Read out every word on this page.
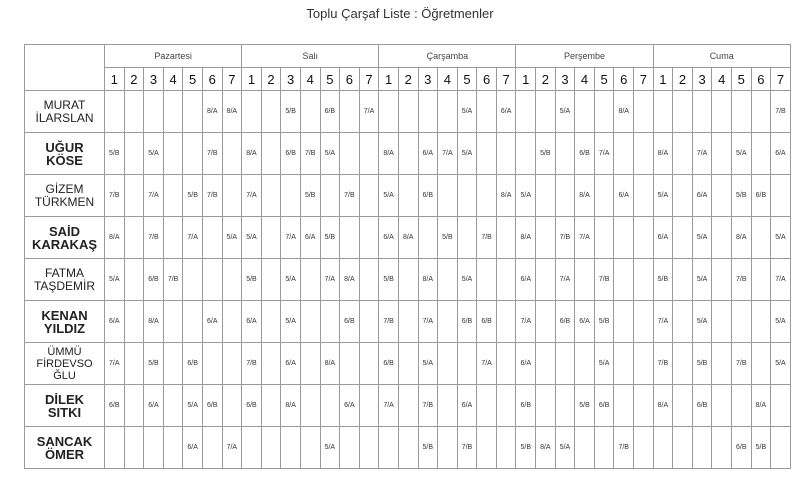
Toplu Çarşaf Liste : Öğretmenler
	Pazartesi							Salı							Çarşamba							Perşembe							Cuma						
	1	2	3	4	5	6	7	1	2	3	4	5	6	7	1	2	3	4	5	6	7	1	2	3	4	5	6	7	1	2	3	4	5	6	7

MURAT
İLARSLAN						8/A	8/A			5/B		6/B		7/A					5/A		6/A			5/A			8/A								7/B

UĞUR
KÖSE	5/B		5/A			7/B		8/A		6/B	7/B	5/A			8/A		6/A	7/A	5/A				5/B		6/B	7/A			8/A		7/A		5/A		6/A

GİZEM
TÜRKMEN	7/B		7/A		5/B	7/B		7/A			5/B		7/B		5/A		6/B				8/A	5/A			8/A		6/A		5/A		6/A		5/B	6/B	

SAİD
KARAKAŞ	8/A		7/B		7/A		5/A	5/A		7/A	6/A	5/B			6/A	8/A		5/B		7/B		8/A		7/B	7/A				6/A		5/A		8/A		5/A

FATMA
TAŞDEMİR	5/A		6/B	7/B				5/B		5/A		7/A	8/A		5/B		8/A		5/A			6/A		7/A		7/B			5/B		5/A		7/B		7/A

KENAN
YILDIZ	6/A		8/A			6/A		6/A		5/A			6/B		7/B		7/A		6/B	6/B		7/A		6/B	6/A	5/B			7/A		5/A				5/A

ÜMMÜ
FİRDEVSO
ĞLU	7/A		5/B		6/B			7/B		6/A		8/A			6/B		5/A			7/A		6/A				5/A			7/B		5/B		7/B		5/A

DİLEK
SITKI	6/B		6/A		5/A	6/B		6/B		8/A			6/A		7/A		7/B		6/A			6/B			5/B	6/B			8/A		6/B			8/A	

SANCAK
ÖMER					6/A		7/A					5/A					5/B		7/B			5/B	8/A	5/A			7/B						6/B	5/B	
